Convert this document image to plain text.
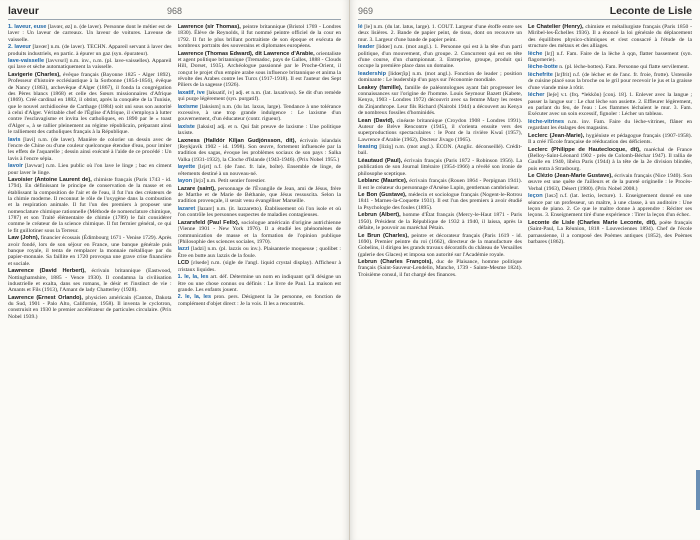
laveur	968

1. laveur, euse [lavœr, øz] n. (de laver). Personne dont le métier est de laver : Un laveur de carreaux. Un laveur de voitures. Laveuse de vaisselle.

2. laveur [lavœr] n.m. (de laver). TECHN. Appareil servant à laver des produits industriels, en partic. à épurer un gaz (syn. épurateur).

lave-vaisselle [lavvɛsɛl] n.m. inv., n.m. (pl. lave-vaisselles). Appareil qui lave et sèche automatiquement la vaisselle.

Lavigerie (Charles), évêque français (Bayonne 1825 - Alger 1892). Professeur d'histoire ecclésiastique à la Sorbonne (1854-1856), évêque de Nancy (1863), archevêque d'Alger (1867), il fonda la congrégation des Pères blancs (1868) et celle des Sœurs missionnaires d'Afrique (1869). Créé cardinal en 1882, il obtint, après la conquête de la Tunisie, que le nouvel archidiocèse de Carthage (1884) soit uni sous son autorité à celui d'Alger. Véritable chef de l'Église d'Afrique, il s'employa à lutter contre l'esclavagisme et invita les catholiques, en 1890 par le « toast d'Alger », à se rallier pleinement au régime républicain, préparant ainsi le ralliement des catholiques français à la République.

lavis [lavi] n.m. (de laver). Manière de colorier un dessin avec de l'encre de Chine ou d'une couleur quelconque étendue d'eau, pour imiter les effets de l'aquarelle ; dessin ainsi exécuté à l'aide de ce procédé : Un lavis à l'encre sépia.

lavoir [lavwar] n.m. Lieu public où l'on lave le linge ; bac en ciment pour laver le linge.

Lavoisier (Antoine Laurent de), chimiste français (Paris 1743 - id. 1794). En définissant le principe de conservation de la masse et en établissant la composition de l'air et de l'eau, il fut l'un des créateurs de la chimie moderne. Il reconnut le rôle de l'oxygène dans la combustion et la respiration animale. Il fut l'un des premiers à proposer une nomenclature chimique rationnelle (Méthode de nomenclature chimique, 1787) et son Traité élémentaire de chimie (1789) le fait considérer comme le créateur de la science chimique. Il fut fermier général, ce qui le fit guillotiner sous la Terreur.

Law (John), financier écossais (Édimbourg 1671 - Venise 1729). Après avoir fondé, lors de son séjour en France, une banque générale puis banque royale, il tenta de remplacer la monnaie métallique par du papier-monnaie. Sa faillite en 1720 provoqua une grave crise financière et sociale.

Lawrence (David Herbert), écrivain britannique (Eastwood, Nottinghamshire, 1885 - Vence 1930). Il condamna la civilisation industrielle et exalta, dans ses romans, le désir et l'instinct de vie : Amants et Fils (1913), l'Amant de lady Chatterley (1928).

Lawrence (Ernest Orlando), physicien américain (Canton, Dakota du Sud, 1901 - Palo Alto, Californie, 1958). Il inventa le cyclotron, construisit en 1930 le premier accélérateur de particules circulaire. (Prix Nobel 1939.)

Lawrence (sir Thomas), peintre britannique (Bristol 1769 - Londres 1830). Élève de Reynolds, il fut nommé peintre officiel de la cour en 1792. Il fut le plus brillant portraitiste de son époque et exécuta de nombreux portraits des souverains et diplomates européens.

Lawrence (Thomas Edward), dit Lawrence d'Arabie, orientaliste et agent politique britannique (Tremadoc, pays de Galles, 1888 - Clouds Hill, Dorset, 1935). Archéologue passionné par le Proche-Orient, il conçut le projet d'un empire arabe sous influence britannique et anima la révolte des Arabes contre les Turcs (1917-1918). Il est l'auteur des Sept Piliers de la sagesse (1926).

laxatif, ive [laksatif, iv] adj. et n.m. (lat. laxativus). Se dit d'un remède qui purge légèrement (syn. purgatif).

laxisme [laksism] n.m. (du lat. laxus, large). Tendance à une tolérance excessive, à une trop grande indulgence : Le laxisme d'un gouvernement, d'un éducateur (contr. rigueur).

laxiste [laksist] adj. et n. Qui fait preuve de laxisme : Une politique laxiste.

Laxness (Halldór Kiljan Gudjónsson, dit), écrivain islandais (Reykjavík 1902 - id. 1998). Son œuvre, fortement influencée par la tradition des sagas, évoque les problèmes sociaux de son pays : Salka Valka (1931-1932), la Cloche d'Islande (1943-1946). (Prix Nobel 1955.)

layette [lɛjɛt] n.f. (de l'anc. fr. laie, boîte). Ensemble de linge, de vêtements destiné à un nouveau-né.

layon [lɛjɔ̃] n.m. Petit sentier forestier.

Lazare (saint), personnage de l'Évangile de Jean, ami de Jésus, frère de Marthe et de Marie de Béthanie, que Jésus ressuscita. Selon la tradition provençale, il serait venu évangéliser Marseille.

lazaret [lazarɛ] n.m. (it. lazzaretto). Établissement où l'on isole et où l'on contrôle les personnes suspectes de maladies contagieuses.

Lazarsfeld (Paul Felix), sociologue américain d'origine autrichienne (Vienne 1901 - New York 1976). Il a étudié les phénomènes de communication de masse et la formation de l'opinion publique (Philosophie des sciences sociales, 1970).

lazzi [ladzi] n.m. (pl. lazzis ou inv.). Plaisanterie moqueuse ; quolibet : Être en butte aux lazzis de la foule.

LCD [ɛlsede] n.m. (sigle de l'angl. liquid crystal display). Afficheur à cristaux liquides.

1. le, la, les art. déf. Détermine un nom en indiquant qu'il désigne un être ou une chose connus ou définis : Le livre de Paul. La maison est grande. Les enfants jouent.

2. le, la, les pron. pers. Désignent la 3e personne, en fonction de complément d'objet direct : Je la vois. Il les a rencontrés.

969	Leconte de Lisle

lé [le] n.m. (du lat. latus, large). 1. COUT. Largeur d'une étoffe entre ses deux lisières. 2. Bande de papier peint, de tissu, dont on recouvre un mur. 3. Largeur d'une bande de papier peint.

leader [lidœr] n.m. (mot angl.). 1. Personne qui est à la tête d'un parti politique, d'un mouvement, d'un groupe. 2. Concurrent qui est en tête d'une course, d'un championnat. 3. Entreprise, groupe, produit qui occupe la première place dans un domaine.

leadership [lidœrʃip] n.m. (mot angl.). Fonction de leader ; position dominante : Le leadership d'un pays sur l'économie mondiale.

Leakey (famille), famille de paléontologues ayant fait progresser les connaissances sur l'origine de l'homme. Louis Seymour Bazett (Kabete, Kenya, 1903 - Londres 1972) découvrit avec sa femme Mary les restes du Zinjanthrope. Leur fils Richard (Nairobi 1944) a découvert au Kenya de nombreux fossiles d'hominidés.

Lean (David), cinéaste britannique (Croydon 1908 - Londres 1991). Auteur de Brève Rencontre (1945), il s'orienta ensuite vers des superproductions spectaculaires : le Pont de la rivière Kwaï (1957), Lawrence d'Arabie (1962), Docteur Jivago (1965).

leasing [liziŋ] n.m. (mot angl.). ÉCON. (Anglic. déconseillé). Crédit-bail.

Léautaud (Paul), écrivain français (Paris 1872 - Robinson 1956). La publication de son Journal littéraire (1954-1966) a révélé son ironie de philosophe sceptique.

Leblanc (Maurice), écrivain français (Rouen 1864 - Perpignan 1941). Il est le créateur du personnage d'Arsène Lupin, gentleman cambrioleur.

Le Bon (Gustave), médecin et sociologue français (Nogent-le-Rotrou 1841 - Marnes-la-Coquette 1931). Il est l'un des premiers à avoir étudié la Psychologie des foules (1895).

Lebrun (Albert), homme d'État français (Mercy-le-Haut 1871 - Paris 1950). Président de la République de 1932 à 1940, il laissa, après la défaite, le pouvoir au maréchal Pétain.

Le Brun (Charles), peintre et décorateur français (Paris 1619 - id. 1690). Premier peintre du roi (1662), directeur de la manufacture des Gobelins, il dirigea les grands travaux décoratifs du château de Versailles (galerie des Glaces) et imposa son autorité sur l'Académie royale.

Lebrun (Charles François), duc de Plaisance, homme politique français (Saint-Sauveur-Lendelin, Manche, 1739 - Sainte-Mesme 1824). Troisième consul, il fut chargé des finances.

Le Chatelier (Henry), chimiste et métallurgiste français (Paris 1850 - Miribel-les-Échelles 1936). Il a énoncé la loi générale du déplacement des équilibres physico-chimiques et s'est consacré à l'étude de la structure des métaux et des alliages.

lèche [lɛʃ] n.f. Fam. Faire de la lèche à qqn, flatter bassement (syn. flagornerie).

lèche-botte n. (pl. lèche-bottes). Fam. Personne qui flatte servilement.

lèchefrite [lɛʃfrit] n.f. (de lécher et de l'anc. fr. froie, frotte). Ustensile de cuisine placé sous la broche ou le gril pour recevoir le jus et la graisse d'une viande mise à rôtir.

lécher [leʃe] v.t. (frq. *lekkôn) [conj. 18]. 1. Enlever avec la langue ; passer la langue sur : Le chat lèche son assiette. 2. Effleurer légèrement, en parlant du feu, de l'eau : Les flammes léchaient le mur. 3. Fam. Exécuter avec un soin excessif, fignoler : Lécher un tableau.

lèche-vitrines n.m. inv. Fam. Faire du lèche-vitrines, flâner en regardant les étalages des magasins.

Leclerc (Jean-Marie), hygiéniste et pédagogue français (1907-1958). Il a créé l'École française de rééducation des déficients.

Leclerc (Philippe de Hauteclocque, dit), maréchal de France (Belloy-Saint-Léonard 1902 - près de Colomb-Béchar 1947). Il rallia de Gaulle en 1940, libéra Paris (1944) à la tête de la 2e division blindée, puis entra à Strasbourg.

Le Clézio (Jean-Marie Gustave), écrivain français (Nice 1940). Son œuvre est une quête de l'ailleurs et de la pureté originelle : le Procès-Verbal (1963), Désert (1980). (Prix Nobel 2008.)

leçon [ləsɔ̃] n.f. (lat. lectio, lecture). 1. Enseignement donné en une séance par un professeur, un maître, à une classe, à un auditoire : Une leçon de piano. 2. Ce que le maître donne à apprendre : Réciter ses leçons. 3. Enseignement tiré d'une expérience : Tirer la leçon d'un échec.

Leconte de Lisle (Charles Marie Leconte, dit), poète français (Saint-Paul, La Réunion, 1818 - Louveciennes 1894). Chef de l'école parnassienne, il a composé des Poèmes antiques (1852), des Poèmes barbares (1862).
